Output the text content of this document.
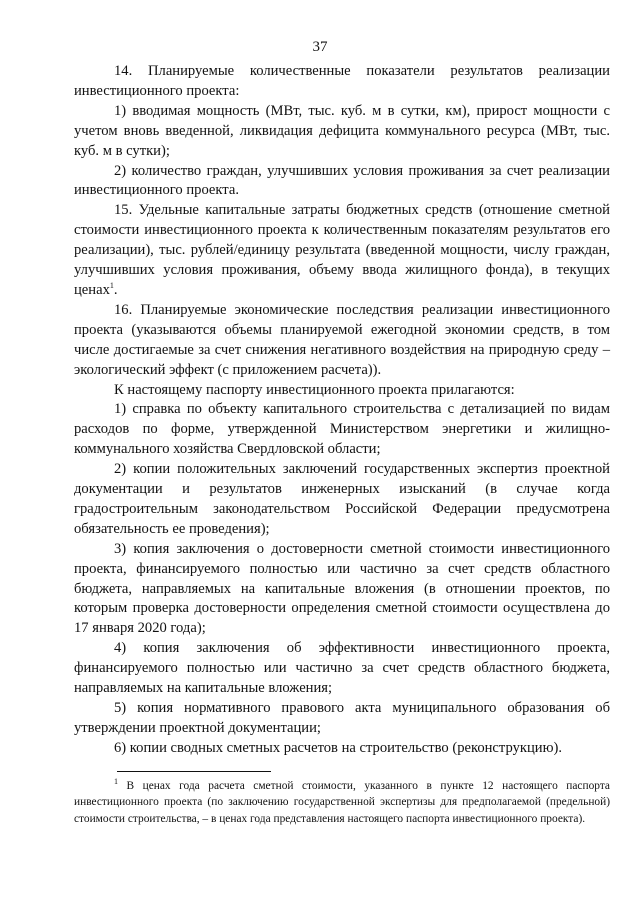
37

14. Планируемые количественные показатели результатов реализации инвестиционного проекта:

1) вводимая мощность (МВт, тыс. куб. м в сутки, км), прирост мощности с учетом вновь введенной, ликвидация дефицита коммунального ресурса (МВт, тыс. куб. м в сутки);

2) количество граждан, улучшивших условия проживания за счет реализации инвестиционного проекта.

15. Удельные капитальные затраты бюджетных средств (отношение сметной стоимости инвестиционного проекта к количественным показателям результатов его реализации), тыс. рублей/единицу результата (введенной мощности, числу граждан, улучшивших условия проживания, объему ввода жилищного фонда), в текущих ценах$^1$.

16. Планируемые экономические последствия реализации инвестиционного проекта (указываются объемы планируемой ежегодной экономии средств, в том числе достигаемые за счет снижения негативного воздействия на природную среду – экологический эффект (с приложением расчета)).

К настоящему паспорту инвестиционного проекта прилагаются:

1) справка по объекту капитального строительства с детализацией по видам расходов по форме, утвержденной Министерством энергетики и жилищно-коммунального хозяйства Свердловской области;

2) копии положительных заключений государственных экспертиз проектной документации и результатов инженерных изысканий (в случае когда градостроительным законодательством Российской Федерации предусмотрена обязательность ее проведения);

3) копия заключения о достоверности сметной стоимости инвестиционного проекта, финансируемого полностью или частично за счет средств областного бюджета, направляемых на капитальные вложения (в отношении проектов, по которым проверка достоверности определения сметной стоимости осуществлена до 17 января 2020 года);

4) копия заключения об эффективности инвестиционного проекта, финансируемого полностью или частично за счет средств областного бюджета, направляемых на капитальные вложения;

5) копия нормативного правового акта муниципального образования об утверждении проектной документации;

6) копии сводных сметных расчетов на строительство (реконструкцию).

$^1$ В ценах года расчета сметной стоимости, указанного в пункте 12 настоящего паспорта инвестиционного проекта (по заключению государственной экспертизы для предполагаемой (предельной) стоимости строительства, – в ценах года представления настоящего паспорта инвестиционного проекта).
